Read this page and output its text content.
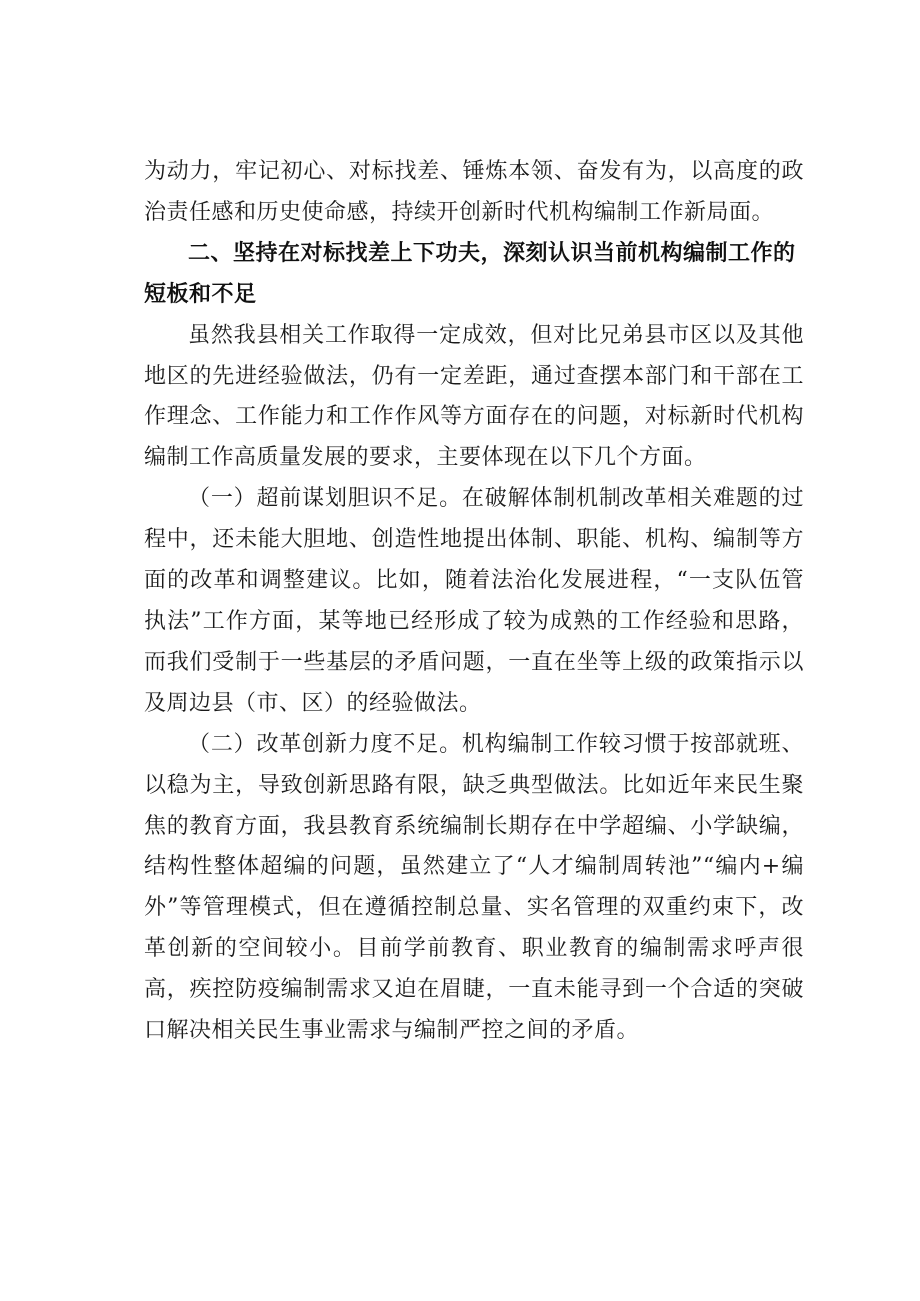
为动力，牢记初心、对标找差、锤炼本领、奋发有为，以高度的政治责任感和历史使命感，持续开创新时代机构编制工作新局面。

二、坚持在对标找差上下功夫，深刻认识当前机构编制工作的短板和不足

虽然我县相关工作取得一定成效，但对比兄弟县市区以及其他地区的先进经验做法，仍有一定差距，通过查摆本部门和干部在工作理念、工作能力和工作作风等方面存在的问题，对标新时代机构编制工作高质量发展的要求，主要体现在以下几个方面。

（一）超前谋划胆识不足。在破解体制机制改革相关难题的过程中，还未能大胆地、创造性地提出体制、职能、机构、编制等方面的改革和调整建议。比如，随着法治化发展进程，“一支队伍管执法”工作方面，某等地已经形成了较为成熟的工作经验和思路，而我们受制于一些基层的矛盾问题，一直在坐等上级的政策指示以及周边县（市、区）的经验做法。

（二）改革创新力度不足。机构编制工作较习惯于按部就班、以稳为主，导致创新思路有限，缺乏典型做法。比如近年来民生聚焦的教育方面，我县教育系统编制长期存在中学超编、小学缺编，结构性整体超编的问题，虽然建立了“人才编制周转池”“编内+编外”等管理模式，但在遵循控制总量、实名管理的双重约束下，改革创新的空间较小。目前学前教育、职业教育的编制需求呼声很高，疾控防疫编制需求又迫在眉睫，一直未能寻到一个合适的突破口解决相关民生事业需求与编制严控之间的矛盾。
